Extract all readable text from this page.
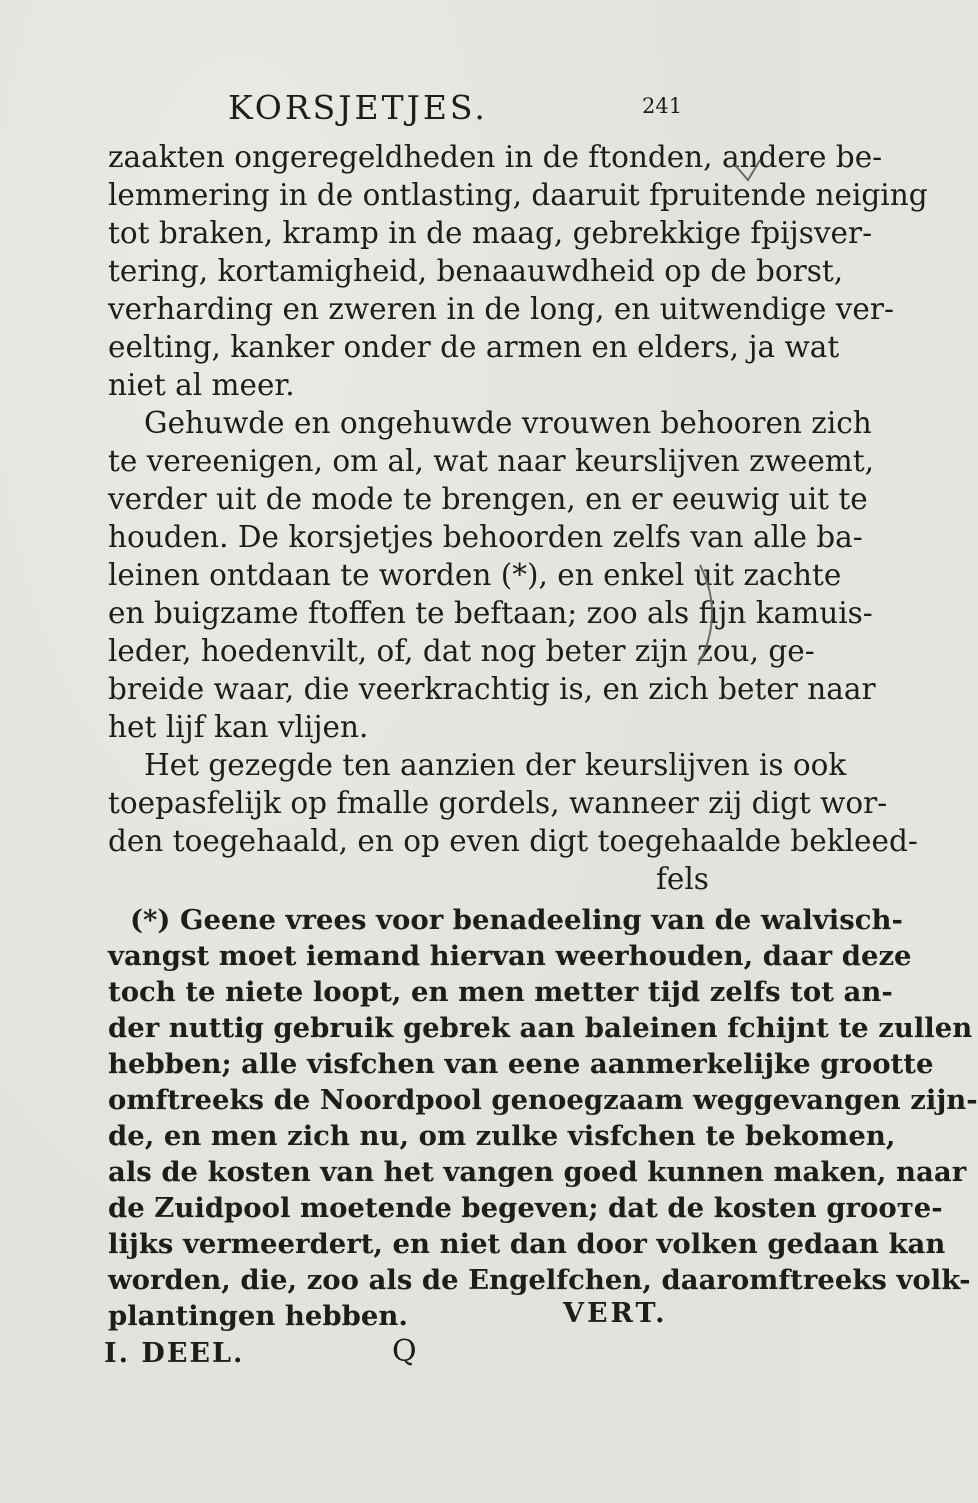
KORSJETJES.	241
zaakten ongeregeldheden in de ftonden, andere be-
lemmering in de ontlasting, daaruit fpruitende neiging
tot braken, kramp in de maag, gebrekkige fpijsver-
tering, kortamigheid, benaauwdheid op de borst,
verharding en zweren in de long, en uitwendige ver-
eelting, kanker onder de armen en elders, ja wat
niet al meer.
Gehuwde en ongehuwde vrouwen behooren zich
te vereenigen, om al, wat naar keurslijven zweemt,
verder uit de mode te brengen, en er eeuwig uit te
houden. De korsjetjes behoorden zelfs van alle ba-
leinen ontdaan te worden (*), en enkel uit zachte
en buigzame ftoffen te beftaan; zoo als fijn kamuis-
leder, hoedenvilt, of, dat nog beter zijn zou, ge-
breide waar, die veerkrachtig is, en zich beter naar
het lijf kan vlijen.
Het gezegde ten aanzien der keurslijven is ook
toepasfelijk op fmalle gordels, wanneer zij digt wor-
den toegehaald, en op even digt toegehaalde bekleed-
fels
(*) Geene vrees voor benadeeling van de walvisch-
vangst moet iemand hiervan weerhouden, daar deze
toch te niete loopt, en men metter tijd zelfs tot an-
der nuttig gebruik gebrek aan baleinen fchijnt te zullen
hebben; alle visfchen van eene aanmerkelijke grootte
omftreeks de Noordpool genoegzaam weggevangen zijn-
de, en men zich nu, om zulke visfchen te bekomen,
als de kosten van het vangen goed kunnen maken, naar
de Zuidpool moetende begeven; dat de kosten grooте-
lijks vermeerdert, en niet dan door volken gedaan kan
worden, die, zoo als de Engelfchen, daaromftreeks volk-
plantingen hebben.	VERT.
I. DEEL.	Q
